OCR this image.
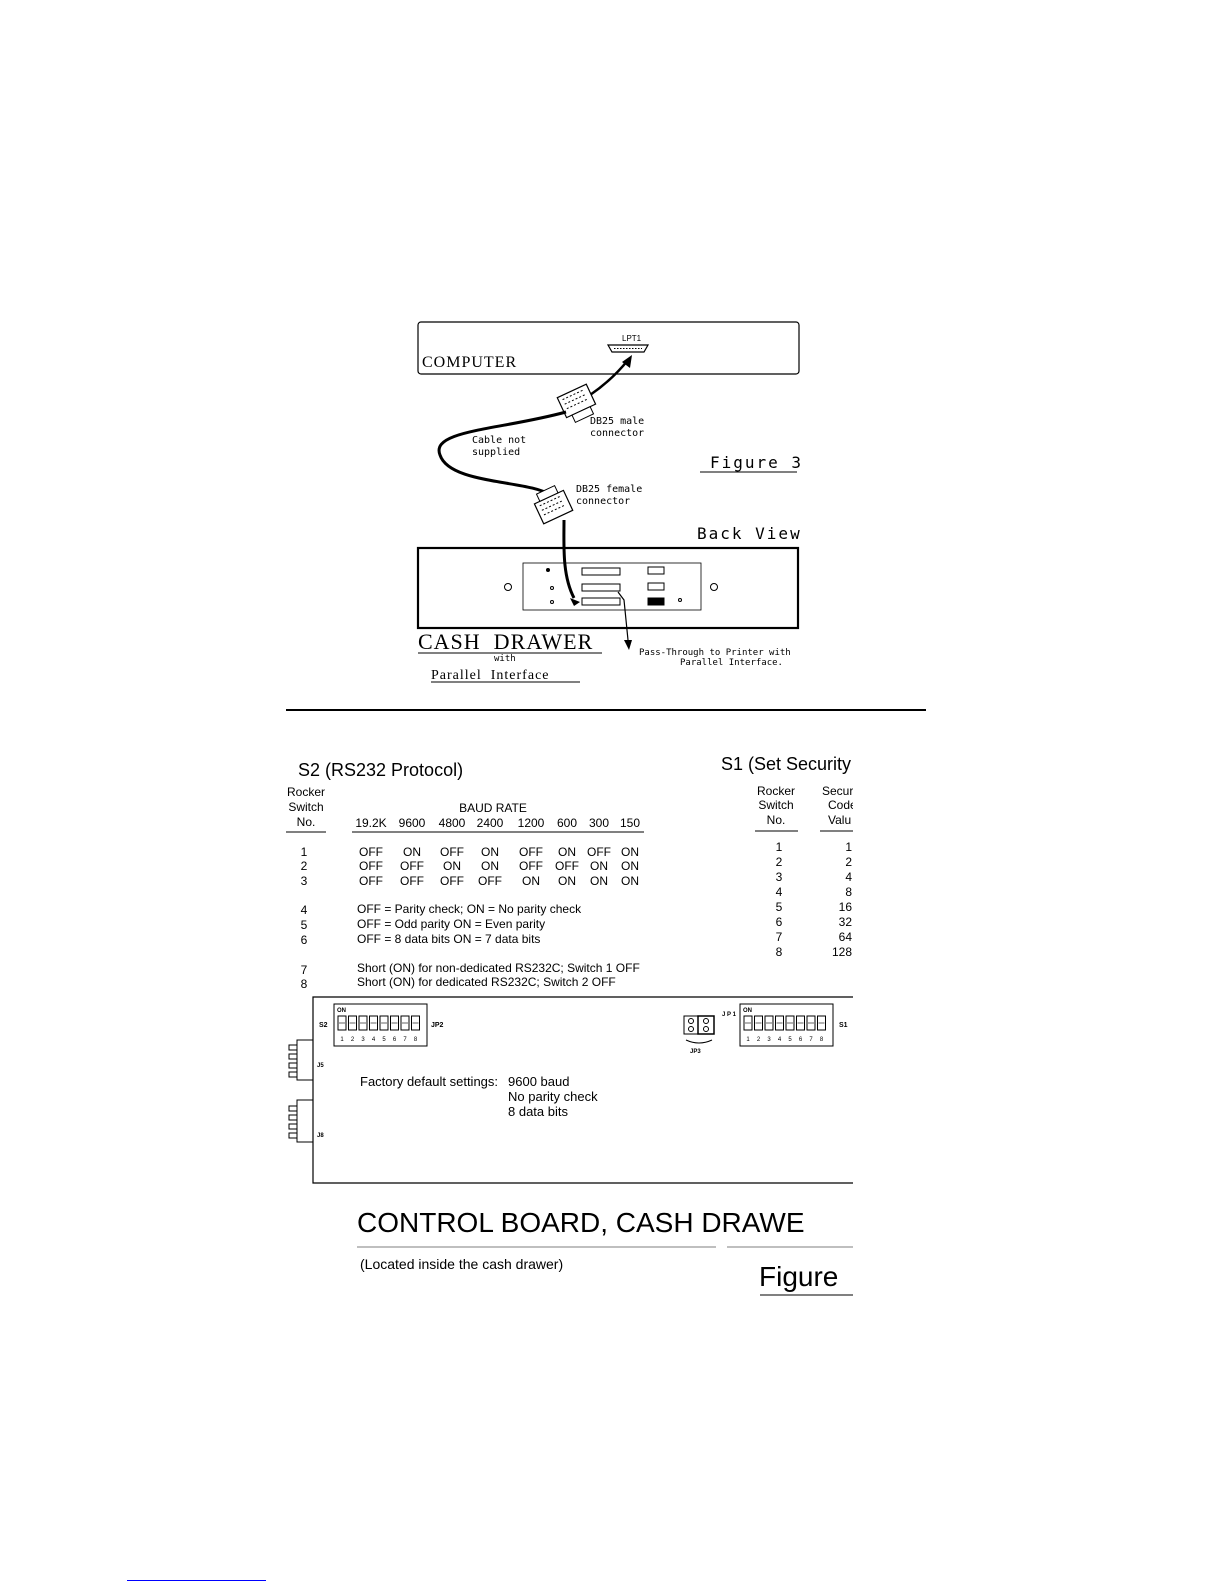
COMPUTER
LPT1
DB25 male
connector
Cable not
supplied
Figure 3
DB25 female
connector
Back View
CASH  DRAWER
with
Parallel  Interface
Pass-Through to Printer with
Parallel Interface.
S2 (RS232 Protocol)
Rocker
Switch
No.
BAUD RATE
19.2K 9600 4800 2400 1200 600 300 150
1	OFF ON OFF ON OFF ON OFF ON
2	OFF OFF ON ON OFF OFF ON ON
3	OFF OFF OFF OFF ON ON ON ON
4	OFF = Parity check; ON = No parity check
5	OFF = Odd parity ON = Even parity
6	OFF = 8 data bits ON = 7 data bits
7	Short (ON) for non-dedicated RS232C; Switch 1 OFF
8	Short (ON) for dedicated RS232C; Switch 2 OFF
S1 (Set Security
Rocker
Switch
No.
Secur
Code
Valu
1	1
2	2
3	4
4	8
5	16
6	32
7	64
8	128
ON
S2	JP2
1 2 3 4 5 6 7 8
JP3
J P 1
ON
S1
1 2 3 4 5 6 7 8
J5
J8
Factory default settings: 9600 baud
No parity check
8 data bits
CONTROL BOARD, CASH DRAWE
(Located inside the cash drawer)	Figure
